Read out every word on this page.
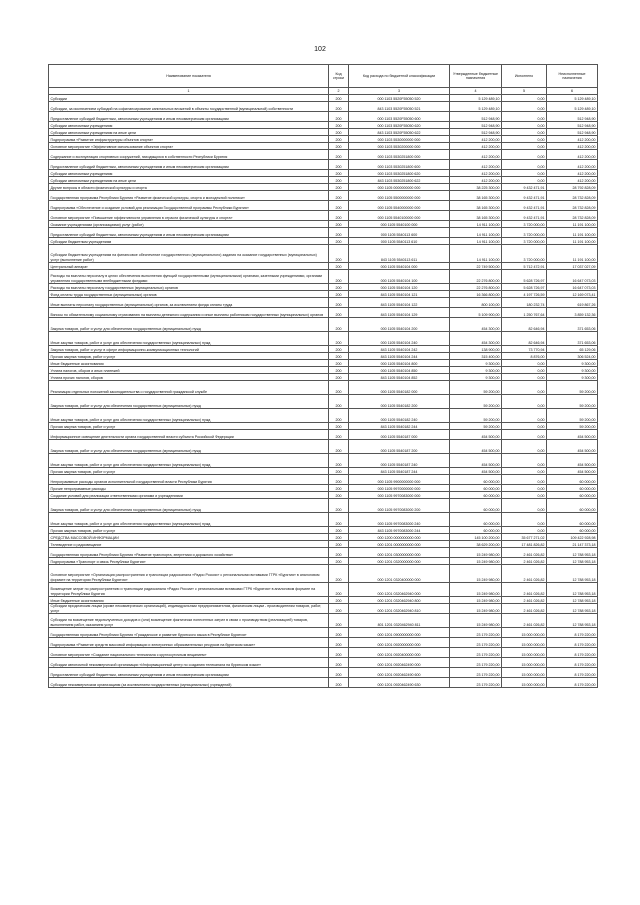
102
Наименование показателя	Код строки	Код расхода по бюджетной классификации	Утвержденные бюджетные назначения	Исполнено	Неисполненные назначения
1	2	3	4	5	6
Субсидии	200	000 1103 5520F55050 520	5 129 489,10	0,00	5 129 489,10
Субсидии, за исключением субсидий на софинансирование капитальных вложений в объекты государственной (муниципальной) собственности	200	843 1103 5520F55050 521	5 129 489,10	0,00	5 129 489,10
Предоставление субсидий бюджетным, автономным учреждениям и иным некоммерческим организациям	200	000 1103 5520F55050 600	512 948,90	0,00	512 948,90
Субсидии автономным учреждениям	200	000 1103 5520F55050 620	512 948,90	0,00	512 948,90
Субсидии автономным учреждениям на иные цели	200	843 1103 5520F55050 622	512 948,90	0,00	512 948,90
Подпрограмма «Развитие инфраструктуры объектов спорта»	200	000 1103 5530000000 000	412 200,00	0,00	412 200,00
Основное мероприятие «Эффективное использование объектов спорта»	200	000 1103 5530200000 000	412 200,00	0,00	412 200,00
Содержание и эксплуатация спортивных сооружений, находящихся в собственности Республики Бурятия	200	000 1103 5530251800 000	412 200,00	0,00	412 200,00
Предоставление субсидий бюджетным, автономным учреждениям и иным некоммерческим организациям	200	000 1103 5530251800 600	412 200,00	0,00	412 200,00
Субсидии автономным учреждениям	200	000 1103 5530251800 620	412 200,00	0,00	412 200,00
Субсидии автономным учреждениям на иные цели	200	843 1103 5530251800 622	412 200,00	0,00	412 200,00
Другие вопросы в области физической культуры и спорта	200	000 1105 0000000000 000	38 225 300,00	9 432 471,91	28 792 828,09
Государственная программа Республики Бурятия «Развитие физической культуры, спорта и молодежной политики»	200	000 1105 5500000000 000	38 165 300,00	9 432 471,91	28 732 828,09
Подпрограмма «Обеспечение и создание условий для реализации Государственной программы Республики Бурятия»	200	000 1105 5540000000 000	38 165 300,00	9 432 471,91	28 732 828,09
Основное мероприятие «Повышение эффективности управления в отрасли физической культуры и спорта»	200	000 1105 5540100000 000	38 165 300,00	9 432 471,91	28 732 828,09
Оказание учреждениями (организациями) услуг (работ)	200	000 1105 5540100 000	14 911 100,00	3 720 000,00	11 191 100,00
Предоставление субсидий бюджетным, автономным учреждениям и иным некоммерческим организациям	200	000 1105 5540113 600	14 911 100,00	3 720 000,00	11 191 100,00
Субсидии бюджетным учреждениям	200	000 1105 5540113 610	14 911 100,00	3 720 000,00	11 191 100,00
Субсидии бюджетным учреждениям на финансовое обеспечение государственного (муниципального) задания на оказание государственных (муниципальных) услуг (выполнение работ)	200	843 1105 5540113 611	14 911 100,00	3 720 000,00	11 191 100,00
Центральный аппарат	200	000 1105 5540104 000	22 749 500,00	5 712 472,91	17 037 027,09
Расходы на выплаты персоналу в целях обеспечения выполнения функций государственными (муниципальными) органами, казенными учреждениями, органами управления государственными внебюджетными фондами	200	000 1105 5540104 100	22 276 800,00	5 628 726,97	16 647 073,03
Расходы на выплаты персоналу государственных (муниципальных) органов	200	000 1105 5540104 120	22 276 800,00	5 628 726,97	16 647 073,03
Фонд оплаты труда государственных (муниципальных) органов	200	843 1105 5540104 121	16 366 800,00	4 197 726,59	12 169 073,41
Иные выплаты персоналу государственных (муниципальных) органов, за исключением фонда оплаты труда	200	843 1105 5540104 122	800 100,00	180 232,74	619 867,26
Взносы по обязательному социальному страхованию на выплаты денежного содержания и иные выплаты работникам государственных (муниципальных) органов	200	843 1105 5540104 129	5 109 900,00	1 250 767,64	3 859 132,36
Закупка товаров, работ и услуг для обеспечения государственных (муниципальных) нужд	200	000 1105 5540104 200	454 300,00	82 646,94	371 653,06
Иные закупки товаров, работ и услуг для обеспечения государственных (муниципальных) нужд	200	000 1105 5540104 240	454 300,00	82 646,94	371 653,06
Закупка товаров, работ и услуг в сфере информационно-коммуникационных технологий	200	843 1105 5540104 242	138 900,00	73 770,94	65 129,06
Прочая закупка товаров, работ и услуг	200	843 1105 5540104 244	315 400,00	8 876,00	306 524,00
Иные бюджетные ассигнования	200	000 1105 5540104 800	9 300,00	0,00	9 300,00
Уплата налогов, сборов и иных платежей	200	000 1105 5540104 850	9 300,00	0,00	9 300,00
Уплата прочих налогов, сборов	200	843 1105 5540104 852	9 300,00	0,00	9 300,00
Реализация отдельных положений законодательства о государственной гражданской службе	200	000 1105 5540182 000	59 200,00	0,00	59 200,00
Закупка товаров, работ и услуг для обеспечения государственных (муниципальных) нужд	200	000 1105 5540182 200	59 200,00	0,00	59 200,00
Иные закупки товаров, работ и услуг для обеспечения государственных (муниципальных) нужд	200	000 1105 5540182 240	59 200,00	0,00	59 200,00
Прочая закупка товаров, работ и услуг	200	843 1105 5540182 244	59 200,00	0,00	59 200,00
Информационное освещение деятельности органа государственной власти субъекта Российской Федерации	200	000 1105 5540187 000	454 500,00	0,00	454 500,00
Закупка товаров, работ и услуг для обеспечения государственных (муниципальных) нужд	200	000 1105 5540187 200	454 500,00	0,00	454 500,00
Иные закупки товаров, работ и услуг для обеспечения государственных (муниципальных) нужд	200	000 1105 5540187 240	454 500,00	0,00	454 500,00
Прочая закупка товаров, работ и услуг	200	843 1105 5540187 244	454 500,00	0,00	454 500,00
Непрограммные расходы органов исполнительной государственной власти Республики Бурятия	200	000 1105 9900000000 000	60 000,00	0,00	60 000,00
Прочие непрограммные расходы	200	000 1105 9970000000 000	60 000,00	0,00	60 000,00
Создание условий для реализации ответственными органами и учреждениями	200	000 1105 9970083000 000	60 000,00	0,00	60 000,00
Закупка товаров, работ и услуг для обеспечения государственных (муниципальных) нужд	200	000 1105 9970083000 200	60 000,00	0,00	60 000,00
Иные закупки товаров, работ и услуг для обеспечения государственных (муниципальных) нужд	200	000 1105 9970083000 240	60 000,00	0,00	60 000,00
Прочая закупка товаров, работ и услуг	200	843 1105 9970083000 244	60 000,00	0,00	60 000,00
СРЕДСТВА МАССОВОЙ ИНФОРМАЦИИ	200	000 1200 0000000000 000	145 100 200,00	35 677 271,02	109 422 928,98
Телевидение и радиовещание	200	000 1201 0000000000 000	38 629 200,00	17 481 826,82	21 147 373,18
Государственная программа Республики Бурятия «Развитие транспорта, энергетики и дорожного хозяйства»	200	000 1201 0300000000 000	15 249 980,00	2 461 026,82	12 788 953,18
Подпрограмма «Транспорт и связь Республики Бурятия»	200	000 1201 0320000000 000	15 249 980,00	2 461 026,82	12 788 953,18
Основное мероприятие «Организация распространения и трансляции радиоканала «Радио России» с региональными вставками ГТРК «Бурятия» в аналоговом формате на территории Республики Бурятия»	200	000 1201 0320400000 000	15 249 980,00	2 461 026,82	12 788 953,18
Возмещение затрат по распространению и трансляции радиоканала «Радио России» с региональными вставками ГТРК «Бурятия» в аналоговом формате на территории Республики Бурятия	200	000 1201 0320462940 000	15 249 980,00	2 461 026,82	12 788 953,18
Иные бюджетные ассигнования	200	000 1201 0320462940 800	15 249 980,00	2 461 026,82	12 788 953,18
Субсидии юридическим лицам (кроме некоммерческих организаций), индивидуальным предпринимателям, физическим лицам - производителям товаров, работ, услуг	200	000 1201 0320462940 810	15 249 980,00	2 461 026,82	12 788 953,18
Субсидии на возмещение недополученных доходов и (или) возмещение фактически понесенных затрат в связи с производством (реализацией) товаров, выполнением работ, оказанием услуг	200	801 1201 0320462940 811	15 249 980,00	2 461 026,82	12 788 953,18
Государственная программа Республики Бурятия «Гражданское и развитие бурятского языка в Республике Бурятия»	200	000 1201 0900000000 000	23 179 220,00	15 000 000,00	8 179 220,00
Подпрограмма «Развитие средств массовой информации и электронных образовательных ресурсов на бурятском языке»	200	000 1201 0920000000 000	23 179 220,00	15 000 000,00	8 179 220,00
Основное мероприятие «Создание национального телеканала с круглосуточным вещанием»	200	000 1201 0920400000 000	23 179 220,00	15 000 000,00	8 179 220,00
Субсидии автономной некоммерческой организации «Информационный центр по созданию телеканала на бурятском языке»	200	000 1201 0920462490 000	23 179 220,00	15 000 000,00	8 179 220,00
Предоставление субсидий бюджетным, автономным учреждениям и иным некоммерческим организациям	200	000 1201 0920462490 600	23 179 220,00	15 000 000,00	8 179 220,00
Субсидии некоммерческим организациям (за исключением государственных (муниципальных) учреждений)	200	000 1201 0920462490 630	23 179 220,00	15 000 000,00	8 179 220,00
